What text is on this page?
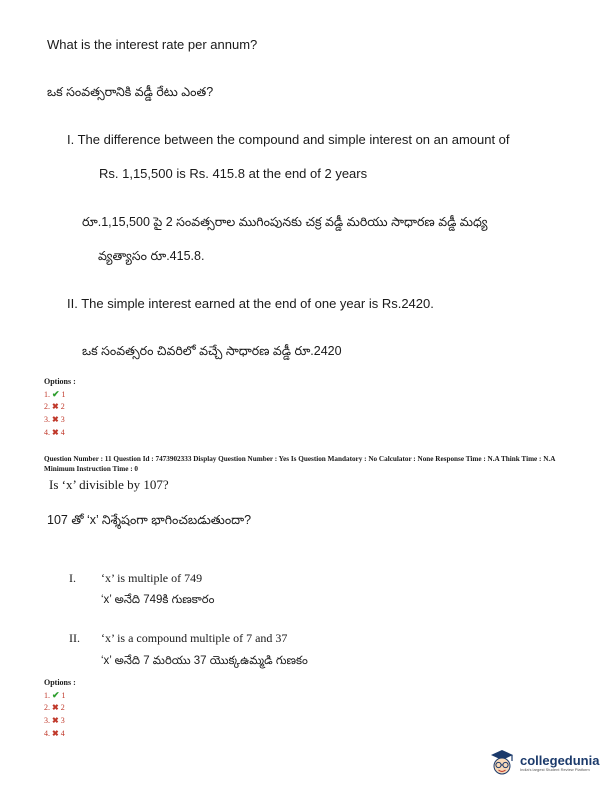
What is the interest rate per annum?
ఒక సంవత్సరానికి వడ్డీ రేటు ఎంత?
I. The difference between the compound and simple interest on an amount of
Rs. 1,15,500 is Rs. 415.8 at the end of 2 years
రూ.1,15,500 పై 2 సంవత్సరాల ముగింపునకు చక్ర వడ్డీ మరియు సాధారణ వడ్డీ మధ్య
వ్యత్యాసం రూ.415.8.
II. The simple interest earned at the end of one year is Rs.2420.
ఒక సంవత్సరం చివరిలో వచ్చే సాధారణ వడ్డీ రూ.2420
Options :
1. ✔ 1
2. ✖ 2
3. ✖ 3
4. ✖ 4
Question Number : 11 Question Id : 7473902333 Display Question Number : Yes Is Question Mandatory : No Calculator : None Response Time : N.A Think Time : N.A Minimum Instruction Time : 0
Is ‘x’ divisible by 107?
107 తో ‘x’ నిశ్శేషంగా భాగించబడుతుందా?
I. ‘x’ is multiple of 749
‘x’ అనేది 749కి గుణకారం
II. ‘x’ is a compound multiple of 7 and 37
‘x’ అనేది 7 మరియు 37 యొక్కఉమ్మడి గుణకం
Options :
1. ✔ 1
2. ✖ 2
3. ✖ 3
4. ✖ 4
collegedunia
India's largest Student Review Platform
